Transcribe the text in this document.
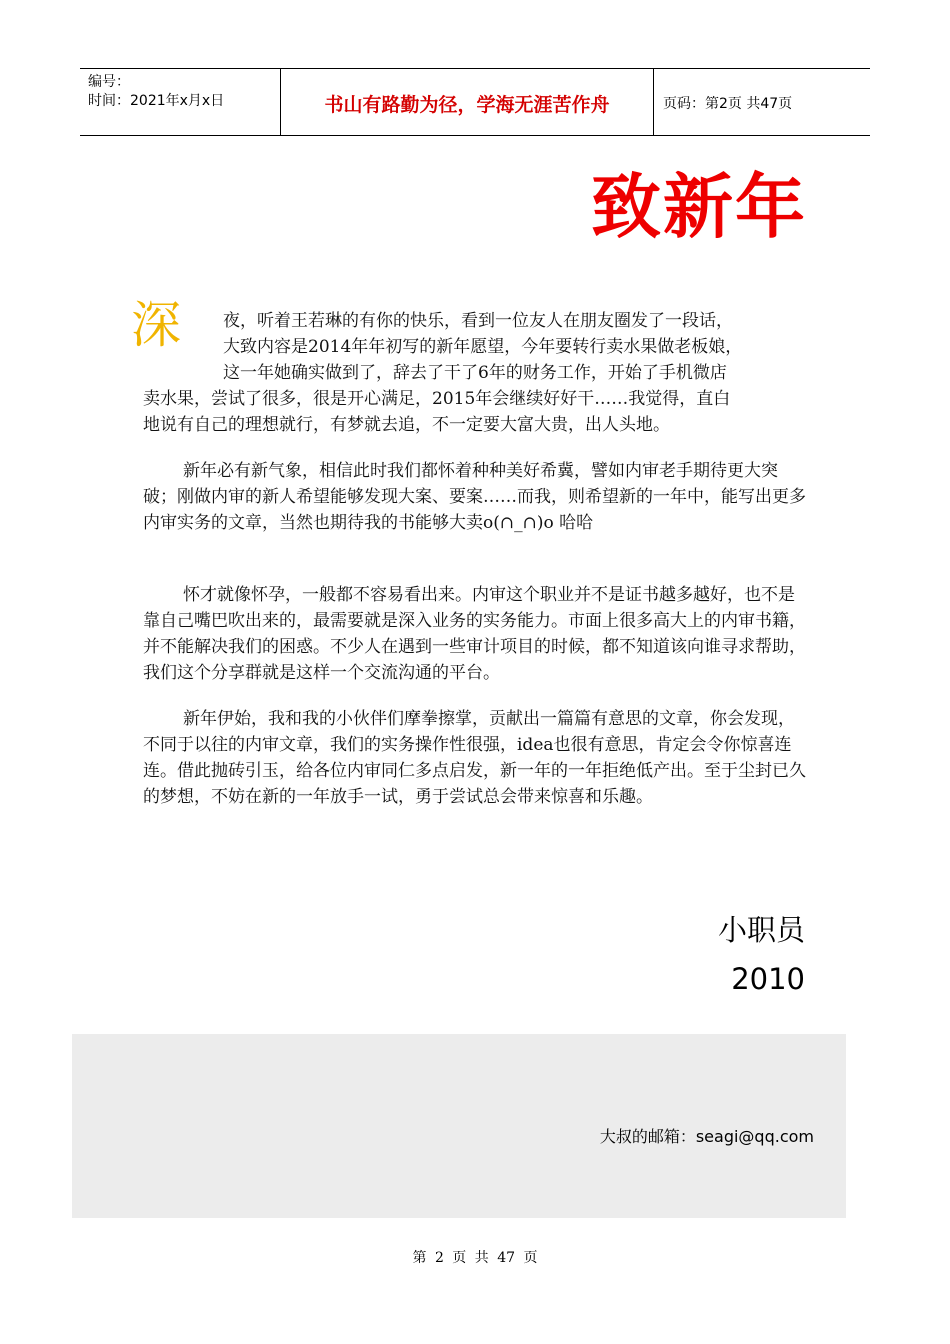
编号：
时间：2021年x月x日	书山有路勤为径，学海无涯苦作舟	页码：第2页 共47页
致新年
深	夜，听着王若琳的有你的快乐，看到一位友人在朋友圈发了一段话，
大致内容是2014年年初写的新年愿望，今年要转行卖水果做老板娘，
这一年她确实做到了，辞去了干了6年的财务工作，开始了手机微店
卖水果，尝试了很多，很是开心满足，2015年会继续好好干……我觉得，直白
地说有自己的理想就行，有梦就去追，不一定要大富大贵，出人头地。

新年必有新气象，相信此时我们都怀着种种美好希冀，譬如内审老手期待更大突破；刚做内审的新人希望能够发现大案、要案……而我，则希望新的一年中，能写出更多内审实务的文章，当然也期待我的书能够大卖o(∩_∩)o 哈哈

怀才就像怀孕，一般都不容易看出来。内审这个职业并不是证书越多越好，也不是靠自己嘴巴吹出来的，最需要就是深入业务的实务能力。市面上很多高大上的内审书籍，并不能解决我们的困惑。不少人在遇到一些审计项目的时候，都不知道该向谁寻求帮助，我们这个分享群就是这样一个交流沟通的平台。

新年伊始，我和我的小伙伴们摩拳擦掌，贡献出一篇篇有意思的文章，你会发现，不同于以往的内审文章，我们的实务操作性很强，idea也很有意思，肯定会令你惊喜连连。借此抛砖引玉，给各位内审同仁多点启发，新一年的一年拒绝低产出。至于尘封已久的梦想，不妨在新的一年放手一试，勇于尝试总会带来惊喜和乐趣。

小职员
2010
大叔的邮箱：seagi@qq.com
第 2 页 共 47 页
